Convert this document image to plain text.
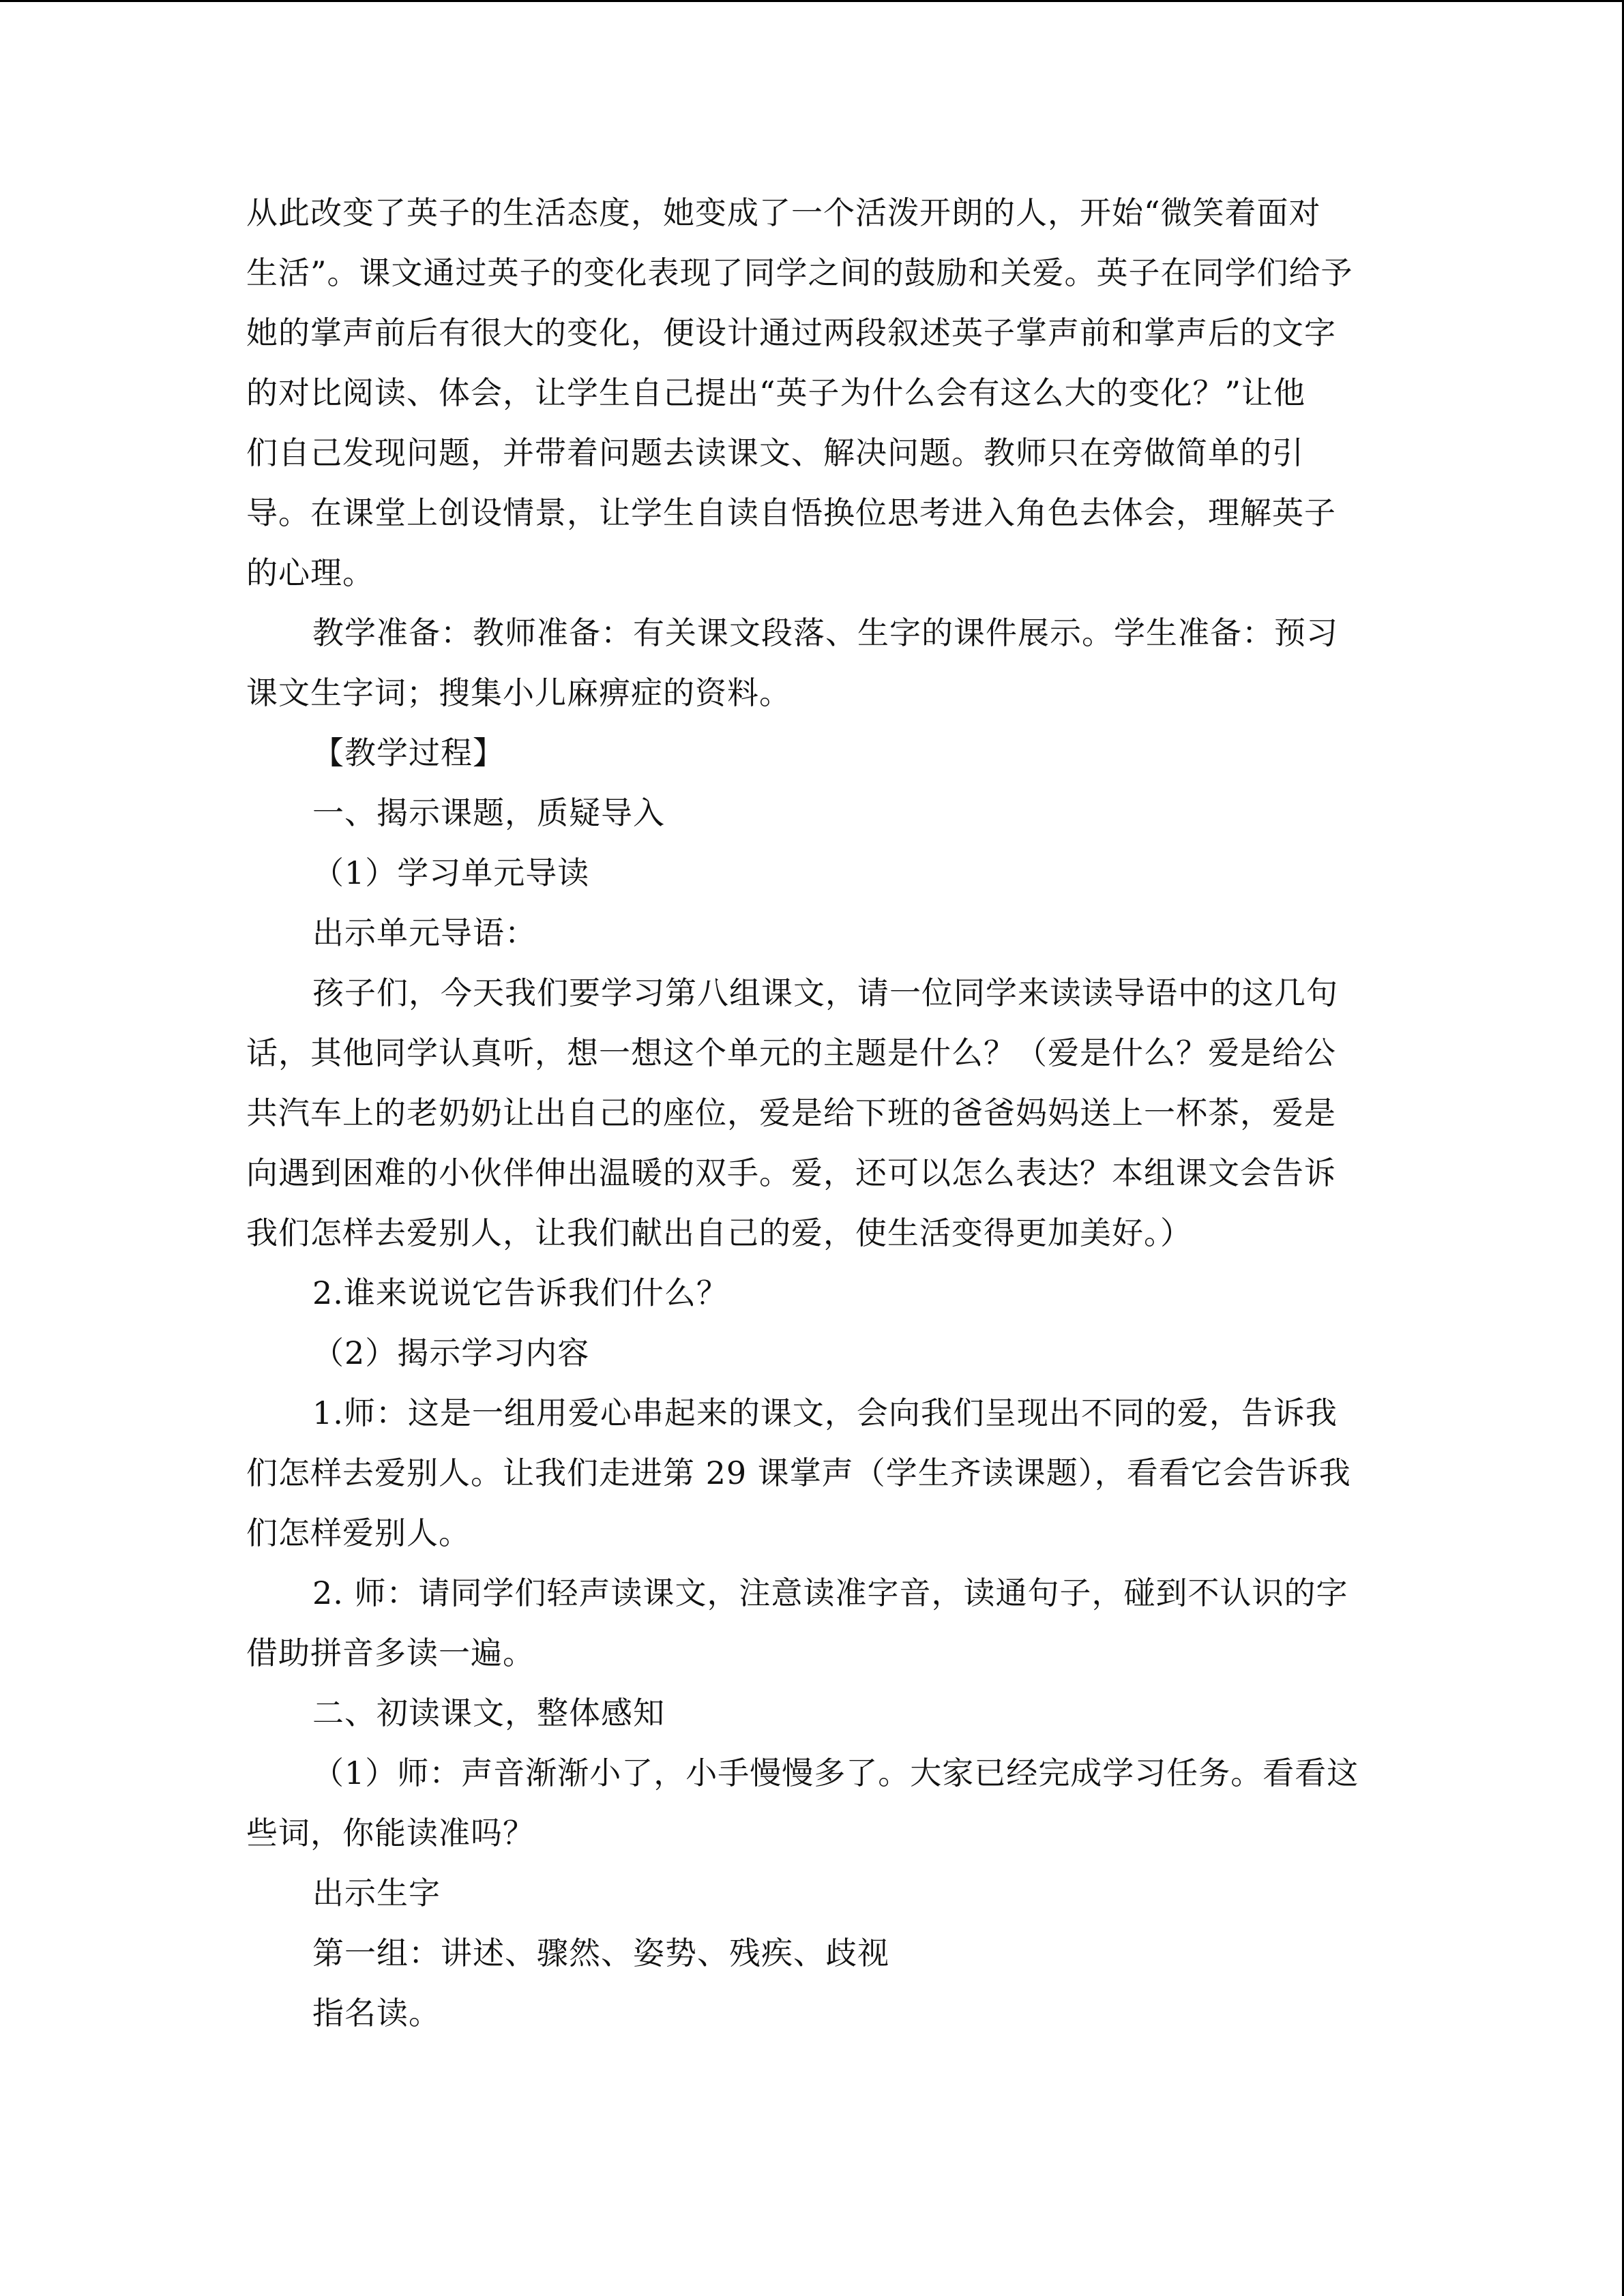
从此改变了英子的生活态度，她变成了一个活泼开朗的人，开始“微笑着面对
生活”。课文通过英子的变化表现了同学之间的鼓励和关爱。英子在同学们给予
她的掌声前后有很大的变化，便设计通过两段叙述英子掌声前和掌声后的文字
的对比阅读、体会，让学生自己提出“英子为什么会有这么大的变化？”让他
们自己发现问题，并带着问题去读课文、解决问题。教师只在旁做简单的引
导。在课堂上创设情景，让学生自读自悟换位思考进入角色去体会，理解英子
的心理。

教学准备：教师准备：有关课文段落、生字的课件展示。学生准备：预习
课文生字词；搜集小儿麻痹症的资料。

【教学过程】

一、揭示课题，质疑导入

（1）学习单元导读

出示单元导语：

孩子们，今天我们要学习第八组课文，请一位同学来读读导语中的这几句
话，其他同学认真听，想一想这个单元的主题是什么？（爱是什么？爱是给公
共汽车上的老奶奶让出自己的座位，爱是给下班的爸爸妈妈送上一杯茶，爱是
向遇到困难的小伙伴伸出温暖的双手。爱，还可以怎么表达？本组课文会告诉
我们怎样去爱别人，让我们献出自己的爱，使生活变得更加美好。）

2.谁来说说它告诉我们什么？

（2）揭示学习内容

1.师：这是一组用爱心串起来的课文，会向我们呈现出不同的爱，告诉我
们怎样去爱别人。让我们走进第 29 课掌声（学生齐读课题），看看它会告诉我
们怎样爱别人。

2. 师：请同学们轻声读课文，注意读准字音，读通句子，碰到不认识的字
借助拼音多读一遍。

二、初读课文，整体感知

（1）师：声音渐渐小了，小手慢慢多了。大家已经完成学习任务。看看这
些词，你能读准吗？

出示生字

第一组：讲述、骤然、姿势、残疾、歧视

指名读。
